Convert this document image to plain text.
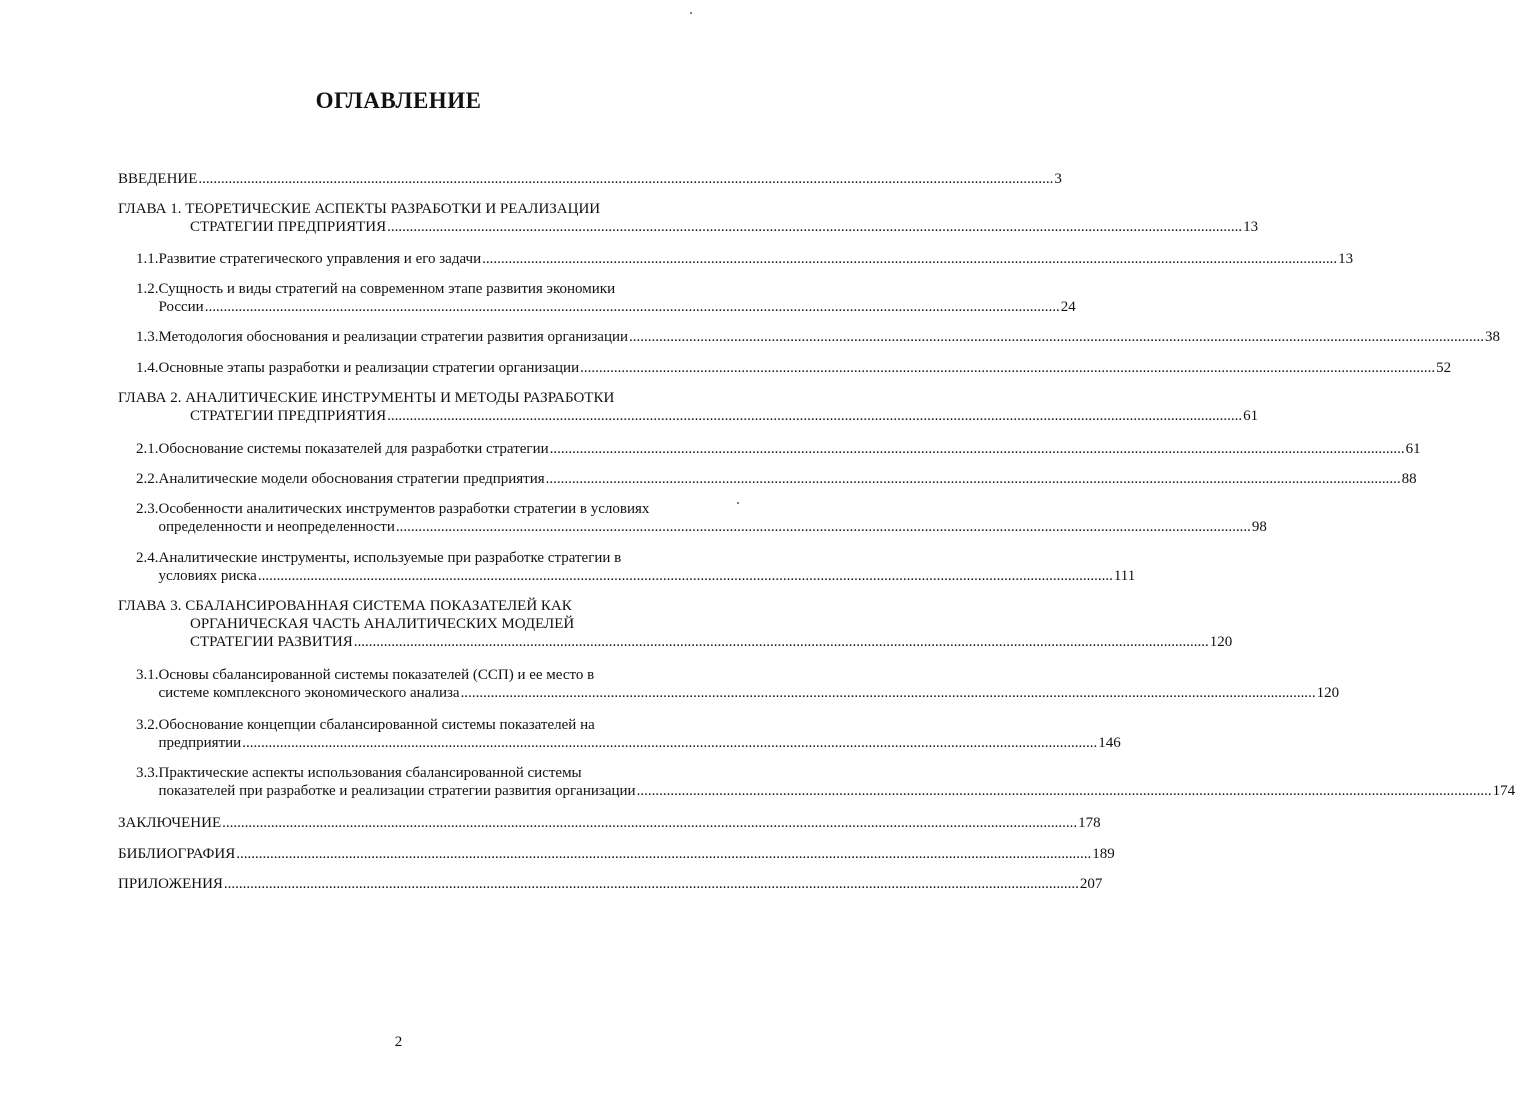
ОГЛАВЛЕНИЕ
ВВЕДЕНИЕ .....	3
ГЛАВА 1. ТЕОРЕТИЧЕСКИЕ АСПЕКТЫ РАЗРАБОТКИ И РЕАЛИЗАЦИИ
СТРАТЕГИИ ПРЕДПРИЯТИЯ .....	13
1.1. Развитие стратегического управления и его задачи .....	13
1.2. Сущность и виды стратегий на современном этапе развития экономики
России .....	24
1.3. Методология обоснования и реализации стратегии развития организации .....	38
1.4. Основные этапы разработки и реализации стратегии организации .....	52
ГЛАВА 2. АНАЛИТИЧЕСКИЕ ИНСТРУМЕНТЫ И МЕТОДЫ РАЗРАБОТКИ
СТРАТЕГИИ ПРЕДПРИЯТИЯ .....	61
2.1. Обоснование системы показателей для разработки стратегии .....	61
2.2. Аналитические модели обоснования стратегии предприятия .....	88
2.3. Особенности аналитических инструментов разработки стратегии в условиях
определенности и неопределенности .....	98
2.4. Аналитические инструменты, используемые при разработке стратегии в
условиях риска .....	111
ГЛАВА 3. СБАЛАНСИРОВАННАЯ СИСТЕМА ПОКАЗАТЕЛЕЙ КАК
ОРГАНИЧЕСКАЯ ЧАСТЬ АНАЛИТИЧЕСКИХ МОДЕЛЕЙ
СТРАТЕГИИ РАЗВИТИЯ .....	120
3.1. Основы сбалансированной системы показателей (ССП) и ее место в
системе комплексного экономического анализа .....	120
3.2. Обоснование концепции сбалансированной системы показателей на
предприятии .....	146
3.3. Практические аспекты использования сбалансированной системы
показателей при разработке и реализации стратегии развития организации .....	174
ЗАКЛЮЧЕНИЕ .....	178
БИБЛИОГРАФИЯ .....	189
ПРИЛОЖЕНИЯ .....	207
2
